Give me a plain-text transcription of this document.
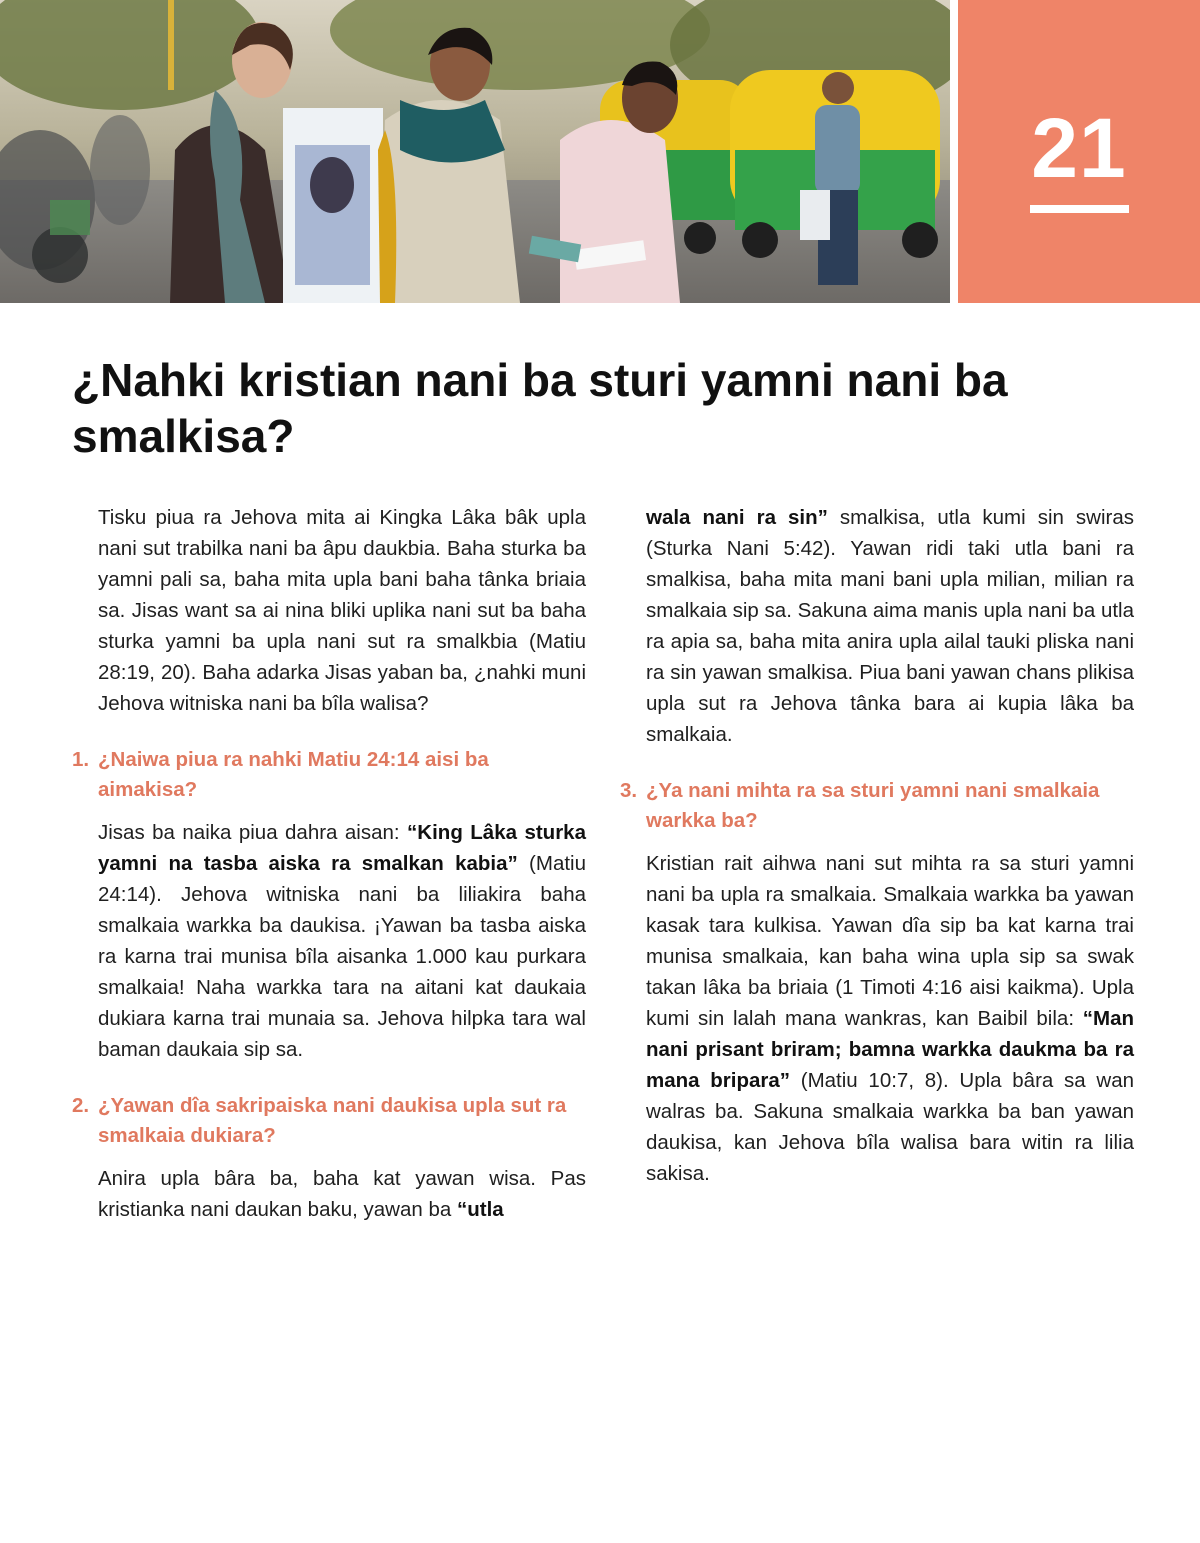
21
¿Nahki kristian nani ba sturi yamni nani ba smalkisa?

Tisku piua ra Jehova mita ai Kingka Lâka bâk upla nani sut trabilka nani ba âpu daukbia. Baha sturka ba yamni pali sa, baha mita upla bani baha tânka briaia sa. Jisas want sa ai nina bliki uplika nani sut ba baha sturka yamni ba upla nani sut ra smalkbia (Matiu 28:19, 20). Baha adarka Jisas yaban ba, ¿nahki muni Jehova witniska nani ba bîla walisa?

1. ¿Naiwa piua ra nahki Matiu 24:14 aisi ba aimakisa?

Jisas ba naika piua dahra aisan: “King Lâka sturka yamni na tasba aiska ra smalkan kabia” (Matiu 24:14). Jehova witniska nani ba liliakira baha smalkaia warkka ba daukisa. ¡Yawan ba tasba aiska ra karna trai munisa bîla aisanka 1.000 kau purkara smalkaia! Naha warkka tara na aitani kat daukaia dukiara karna trai munaia sa. Jehova hilpka tara wal baman daukaia sip sa.

2. ¿Yawan dîa sakripaiska nani daukisa upla sut ra smalkaia dukiara?

Anira upla bâra ba, baha kat yawan wisa. Pas kristianka nani daukan baku, yawan ba “utla

wala nani ra sin” smalkisa, utla kumi sin swiras (Sturka Nani 5:42). Yawan ridi taki utla bani ra smalkisa, baha mita mani bani upla milian, milian ra smalkaia sip sa. Sakuna aima manis upla nani ba utla ra apia sa, baha mita anira upla ailal tauki pliska nani ra sin yawan smalkisa. Piua bani yawan chans plikisa upla sut ra Jehova tânka bara ai kupia lâka ba smalkaia.

3. ¿Ya nani mihta ra sa sturi yamni nani smalkaia warkka ba?

Kristian rait aihwa nani sut mihta ra sa sturi yamni nani ba upla ra smalkaia. Smalkaia warkka ba yawan kasak tara kulkisa. Yawan dîa sip ba kat karna trai munisa smalkaia, kan baha wina upla sip sa swak takan lâka ba briaia (1 Timoti 4:16 aisi kaikma). Upla kumi sin lalah mana wankras, kan Baibil bila: “Man nani prisant briram; bamna warkka daukma ba ra mana bripara” (Matiu 10:7, 8). Upla bâra sa wan walras ba. Sakuna smalkaia warkka ba ban yawan daukisa, kan Jehova bîla walisa bara witin ra lilia sakisa.
